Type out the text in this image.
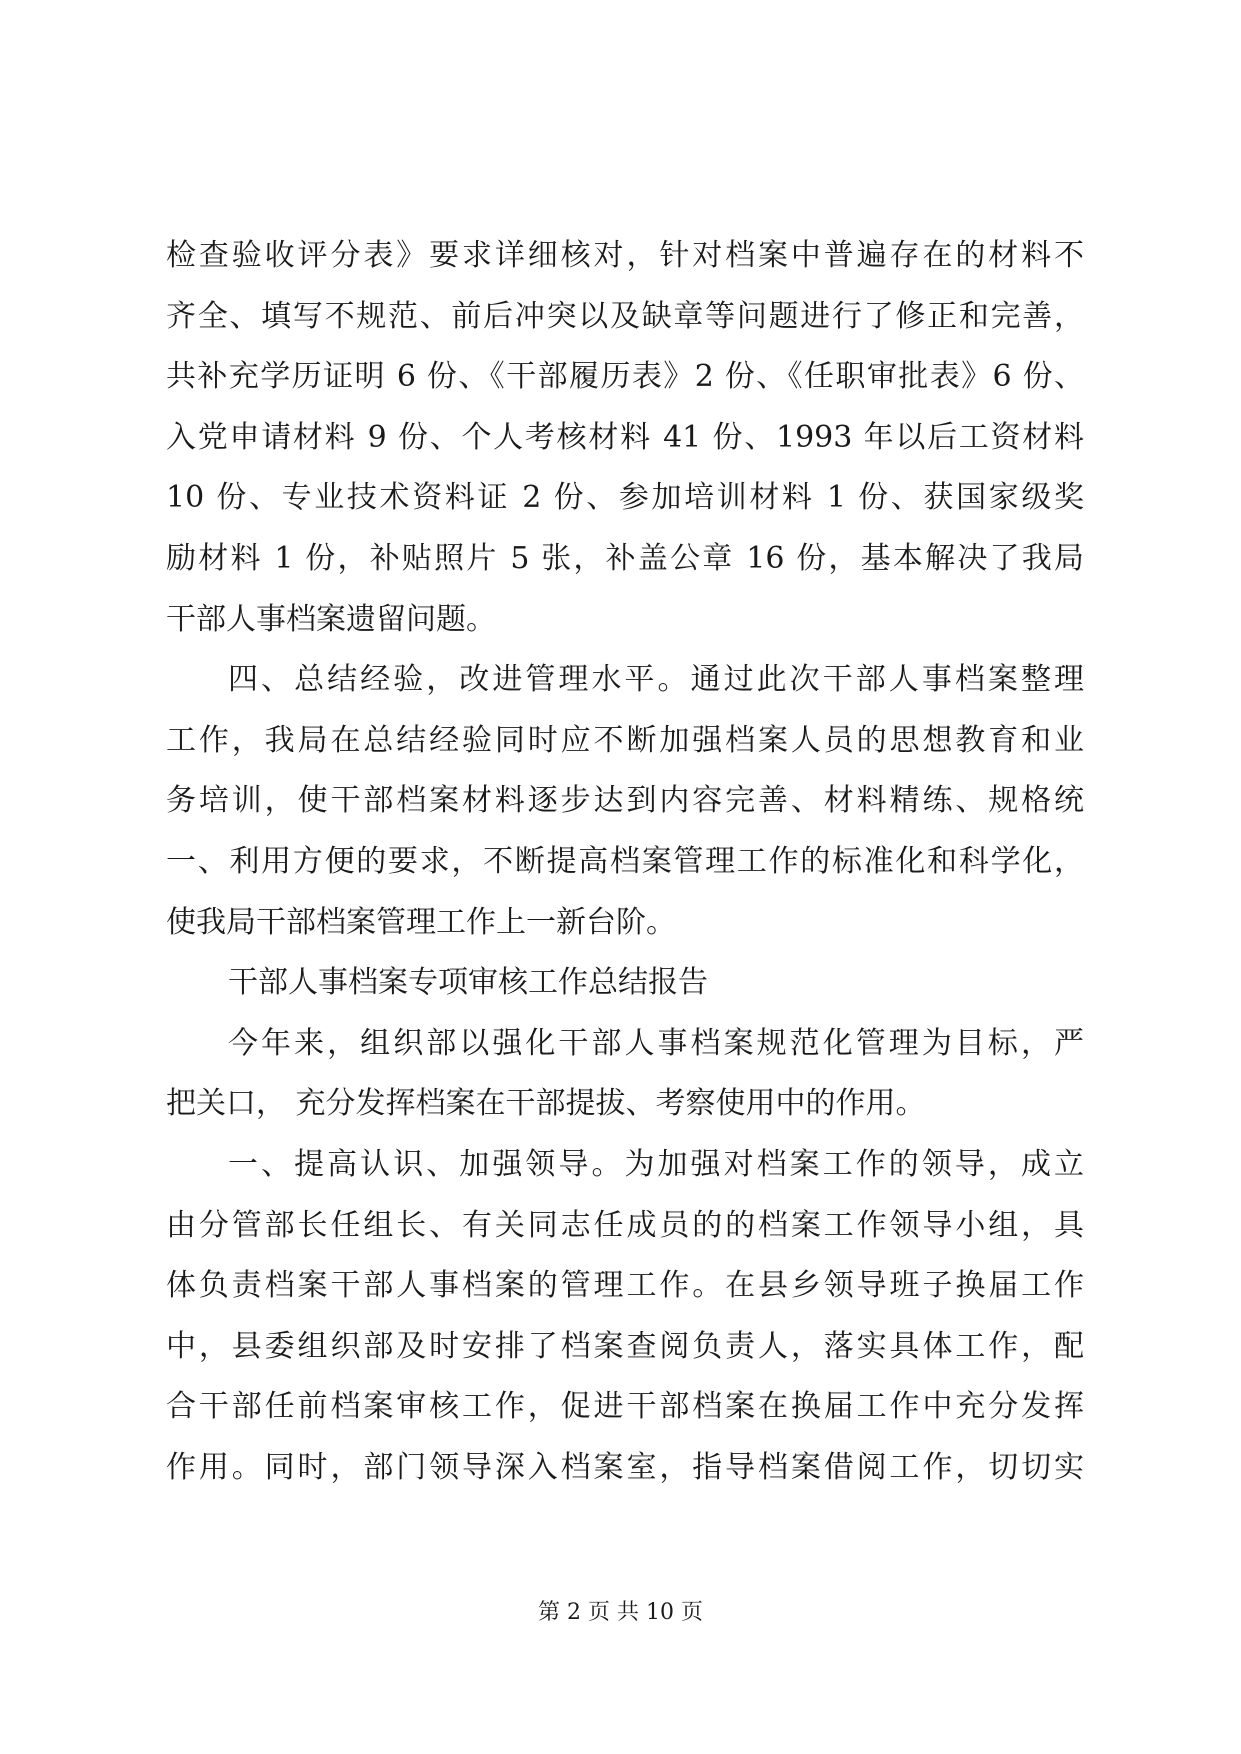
检查验收评分表》要求详细核对，针对档案中普遍存在的材料不
齐全、填写不规范、前后冲突以及缺章等问题进行了修正和完善，
共补充学历证明 6 份、《干部履历表》2 份、《任职审批表》6 份、
入党申请材料 9 份、个人考核材料 41 份、1993 年以后工资材料
10 份、专业技术资料证 2 份、参加培训材料 1 份、获国家级奖
励材料 1 份，补贴照片 5 张，补盖公章 16 份，基本解决了我局
干部人事档案遗留问题。
四、总结经验，改进管理水平。通过此次干部人事档案整理
工作，我局在总结经验同时应不断加强档案人员的思想教育和业
务培训，使干部档案材料逐步达到内容完善、材料精练、规格统
一、利用方便的要求，不断提高档案管理工作的标准化和科学化，
使我局干部档案管理工作上一新台阶。
干部人事档案专项审核工作总结报告
今年来，组织部以强化干部人事档案规范化管理为目标，严
把关口， 充分发挥档案在干部提拔、考察使用中的作用。
一、提高认识、加强领导。为加强对档案工作的领导，成立
由分管部长任组长、有关同志任成员的的档案工作领导小组，具
体负责档案干部人事档案的管理工作。在县乡领导班子换届工作
中，县委组织部及时安排了档案查阅负责人，落实具体工作，配
合干部任前档案审核工作，促进干部档案在换届工作中充分发挥
作用。同时，部门领导深入档案室，指导档案借阅工作，切切实
第 2 页 共 10 页
